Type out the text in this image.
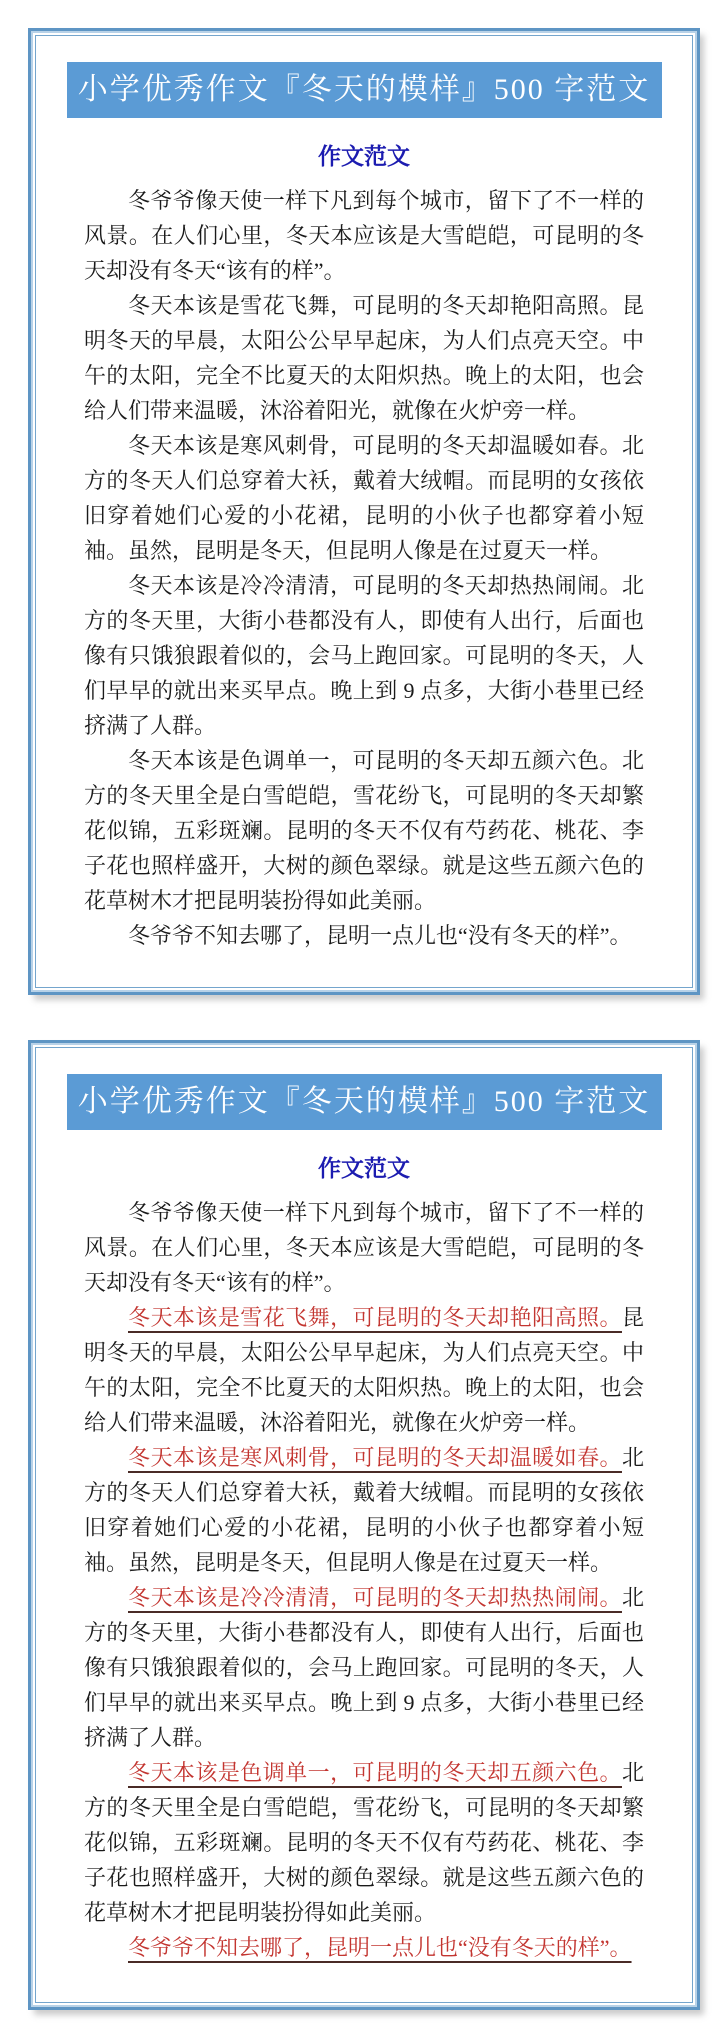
小学优秀作文『冬天的模样』500 字范文
作文范文

冬爷爷像天使一样下凡到每个城市，留下了不一样的风景。在人们心里，冬天本应该是大雪皑皑，可昆明的冬天却没有冬天“该有的样”。

冬天本该是雪花飞舞，可昆明的冬天却艳阳高照。昆明冬天的早晨，太阳公公早早起床，为人们点亮天空。中午的太阳，完全不比夏天的太阳炽热。晚上的太阳，也会给人们带来温暖，沐浴着阳光，就像在火炉旁一样。

冬天本该是寒风刺骨，可昆明的冬天却温暖如春。北方的冬天人们总穿着大袄，戴着大绒帽。而昆明的女孩依旧穿着她们心爱的小花裙，昆明的小伙子也都穿着小短袖。虽然，昆明是冬天，但昆明人像是在过夏天一样。

冬天本该是冷冷清清，可昆明的冬天却热热闹闹。北方的冬天里，大街小巷都没有人，即使有人出行，后面也像有只饿狼跟着似的，会马上跑回家。可昆明的冬天，人们早早的就出来买早点。晚上到 9 点多，大街小巷里已经挤满了人群。

冬天本该是色调单一，可昆明的冬天却五颜六色。北方的冬天里全是白雪皑皑，雪花纷飞，可昆明的冬天却繁花似锦，五彩斑斓。昆明的冬天不仅有芍药花、桃花、李子花也照样盛开，大树的颜色翠绿。就是这些五颜六色的花草树木才把昆明装扮得如此美丽。

冬爷爷不知去哪了，昆明一点儿也“没有冬天的样”。

小学优秀作文『冬天的模样』500 字范文
作文范文

冬爷爷像天使一样下凡到每个城市，留下了不一样的风景。在人们心里，冬天本应该是大雪皑皑，可昆明的冬天却没有冬天“该有的样”。

冬天本该是雪花飞舞，可昆明的冬天却艳阳高照。昆明冬天的早晨，太阳公公早早起床，为人们点亮天空。中午的太阳，完全不比夏天的太阳炽热。晚上的太阳，也会给人们带来温暖，沐浴着阳光，就像在火炉旁一样。

冬天本该是寒风刺骨，可昆明的冬天却温暖如春。北方的冬天人们总穿着大袄，戴着大绒帽。而昆明的女孩依旧穿着她们心爱的小花裙，昆明的小伙子也都穿着小短袖。虽然，昆明是冬天，但昆明人像是在过夏天一样。

冬天本该是冷冷清清，可昆明的冬天却热热闹闹。北方的冬天里，大街小巷都没有人，即使有人出行，后面也像有只饿狼跟着似的，会马上跑回家。可昆明的冬天，人们早早的就出来买早点。晚上到 9 点多，大街小巷里已经挤满了人群。

冬天本该是色调单一，可昆明的冬天却五颜六色。北方的冬天里全是白雪皑皑，雪花纷飞，可昆明的冬天却繁花似锦，五彩斑斓。昆明的冬天不仅有芍药花、桃花、李子花也照样盛开，大树的颜色翠绿。就是这些五颜六色的花草树木才把昆明装扮得如此美丽。

冬爷爷不知去哪了，昆明一点儿也“没有冬天的样”。
